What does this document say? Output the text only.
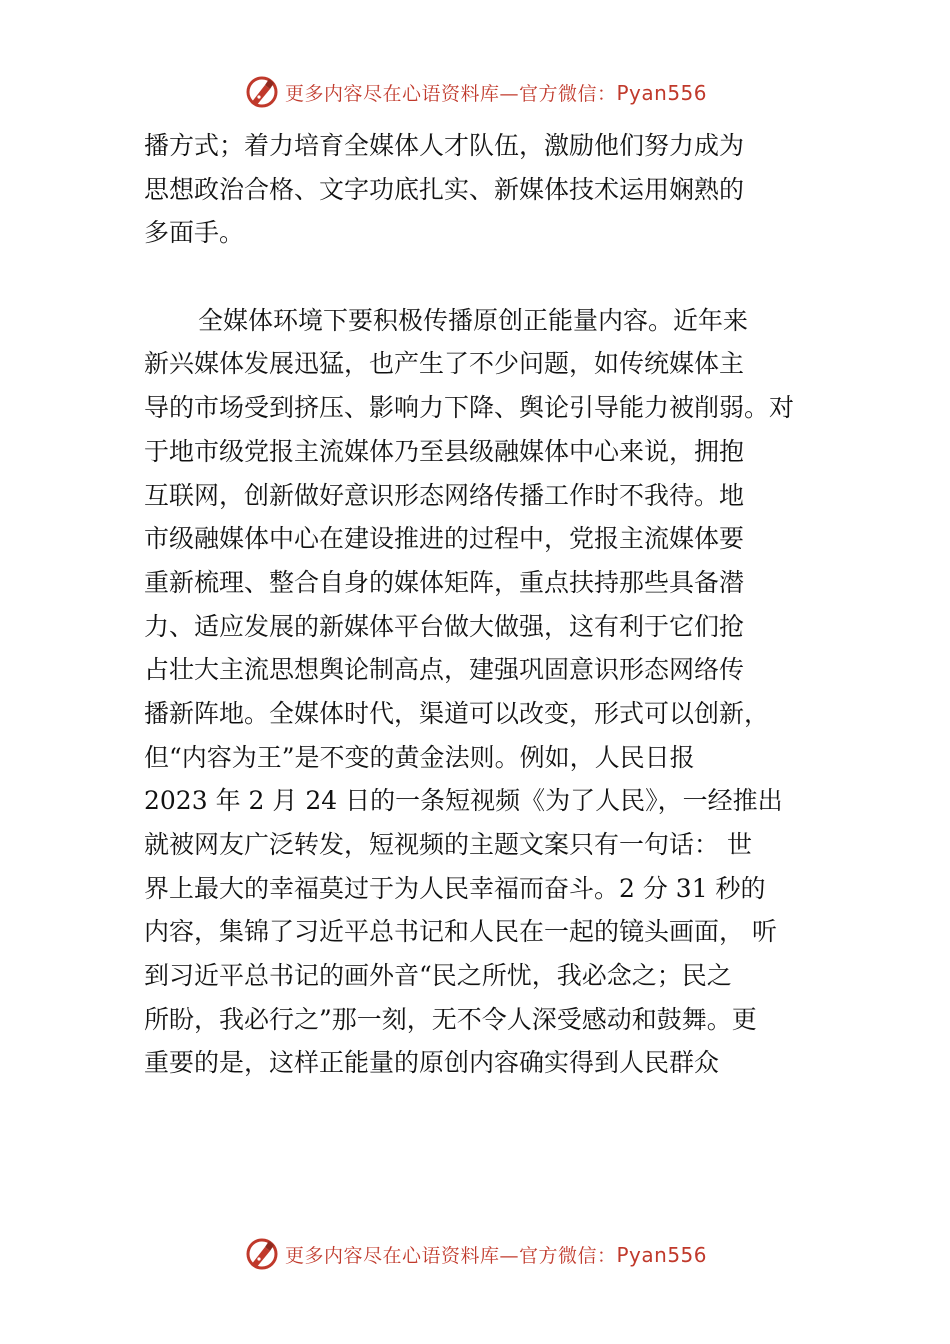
更多内容尽在心语资料库—官方微信：Pyan556
播方式；着力培育全媒体人才队伍，激励他们努力成为
思想政治合格、文字功底扎实、新媒体技术运用娴熟的
多面手。
全媒体环境下要积极传播原创正能量内容。近年来
新兴媒体发展迅猛，也产生了不少问题，如传统媒体主
导的市场受到挤压、影响力下降、舆论引导能力被削弱。对
于地市级党报主流媒体乃至县级融媒体中心来说，拥抱
互联网，创新做好意识形态网络传播工作时不我待。地
市级融媒体中心在建设推进的过程中，党报主流媒体要
重新梳理、整合自身的媒体矩阵，重点扶持那些具备潜
力、适应发展的新媒体平台做大做强，这有利于它们抢
占壮大主流思想舆论制高点，建强巩固意识形态网络传
播新阵地。全媒体时代，渠道可以改变，形式可以创新，
但“内容为王”是不变的黄金法则。例如，人民日报
2023 年 2 月 24 日的一条短视频《为了人民》，一经推出
就被网友广泛转发，短视频的主题文案只有一句话： 世
界上最大的幸福莫过于为人民幸福而奋斗。2 分 31 秒的
内容，集锦了习近平总书记和人民在一起的镜头画面， 听
到习近平总书记的画外音“民之所忧，我必念之；民之
所盼，我必行之”那一刻，无不令人深受感动和鼓舞。更
重要的是，这样正能量的原创内容确实得到人民群众
更多内容尽在心语资料库—官方微信：Pyan556
